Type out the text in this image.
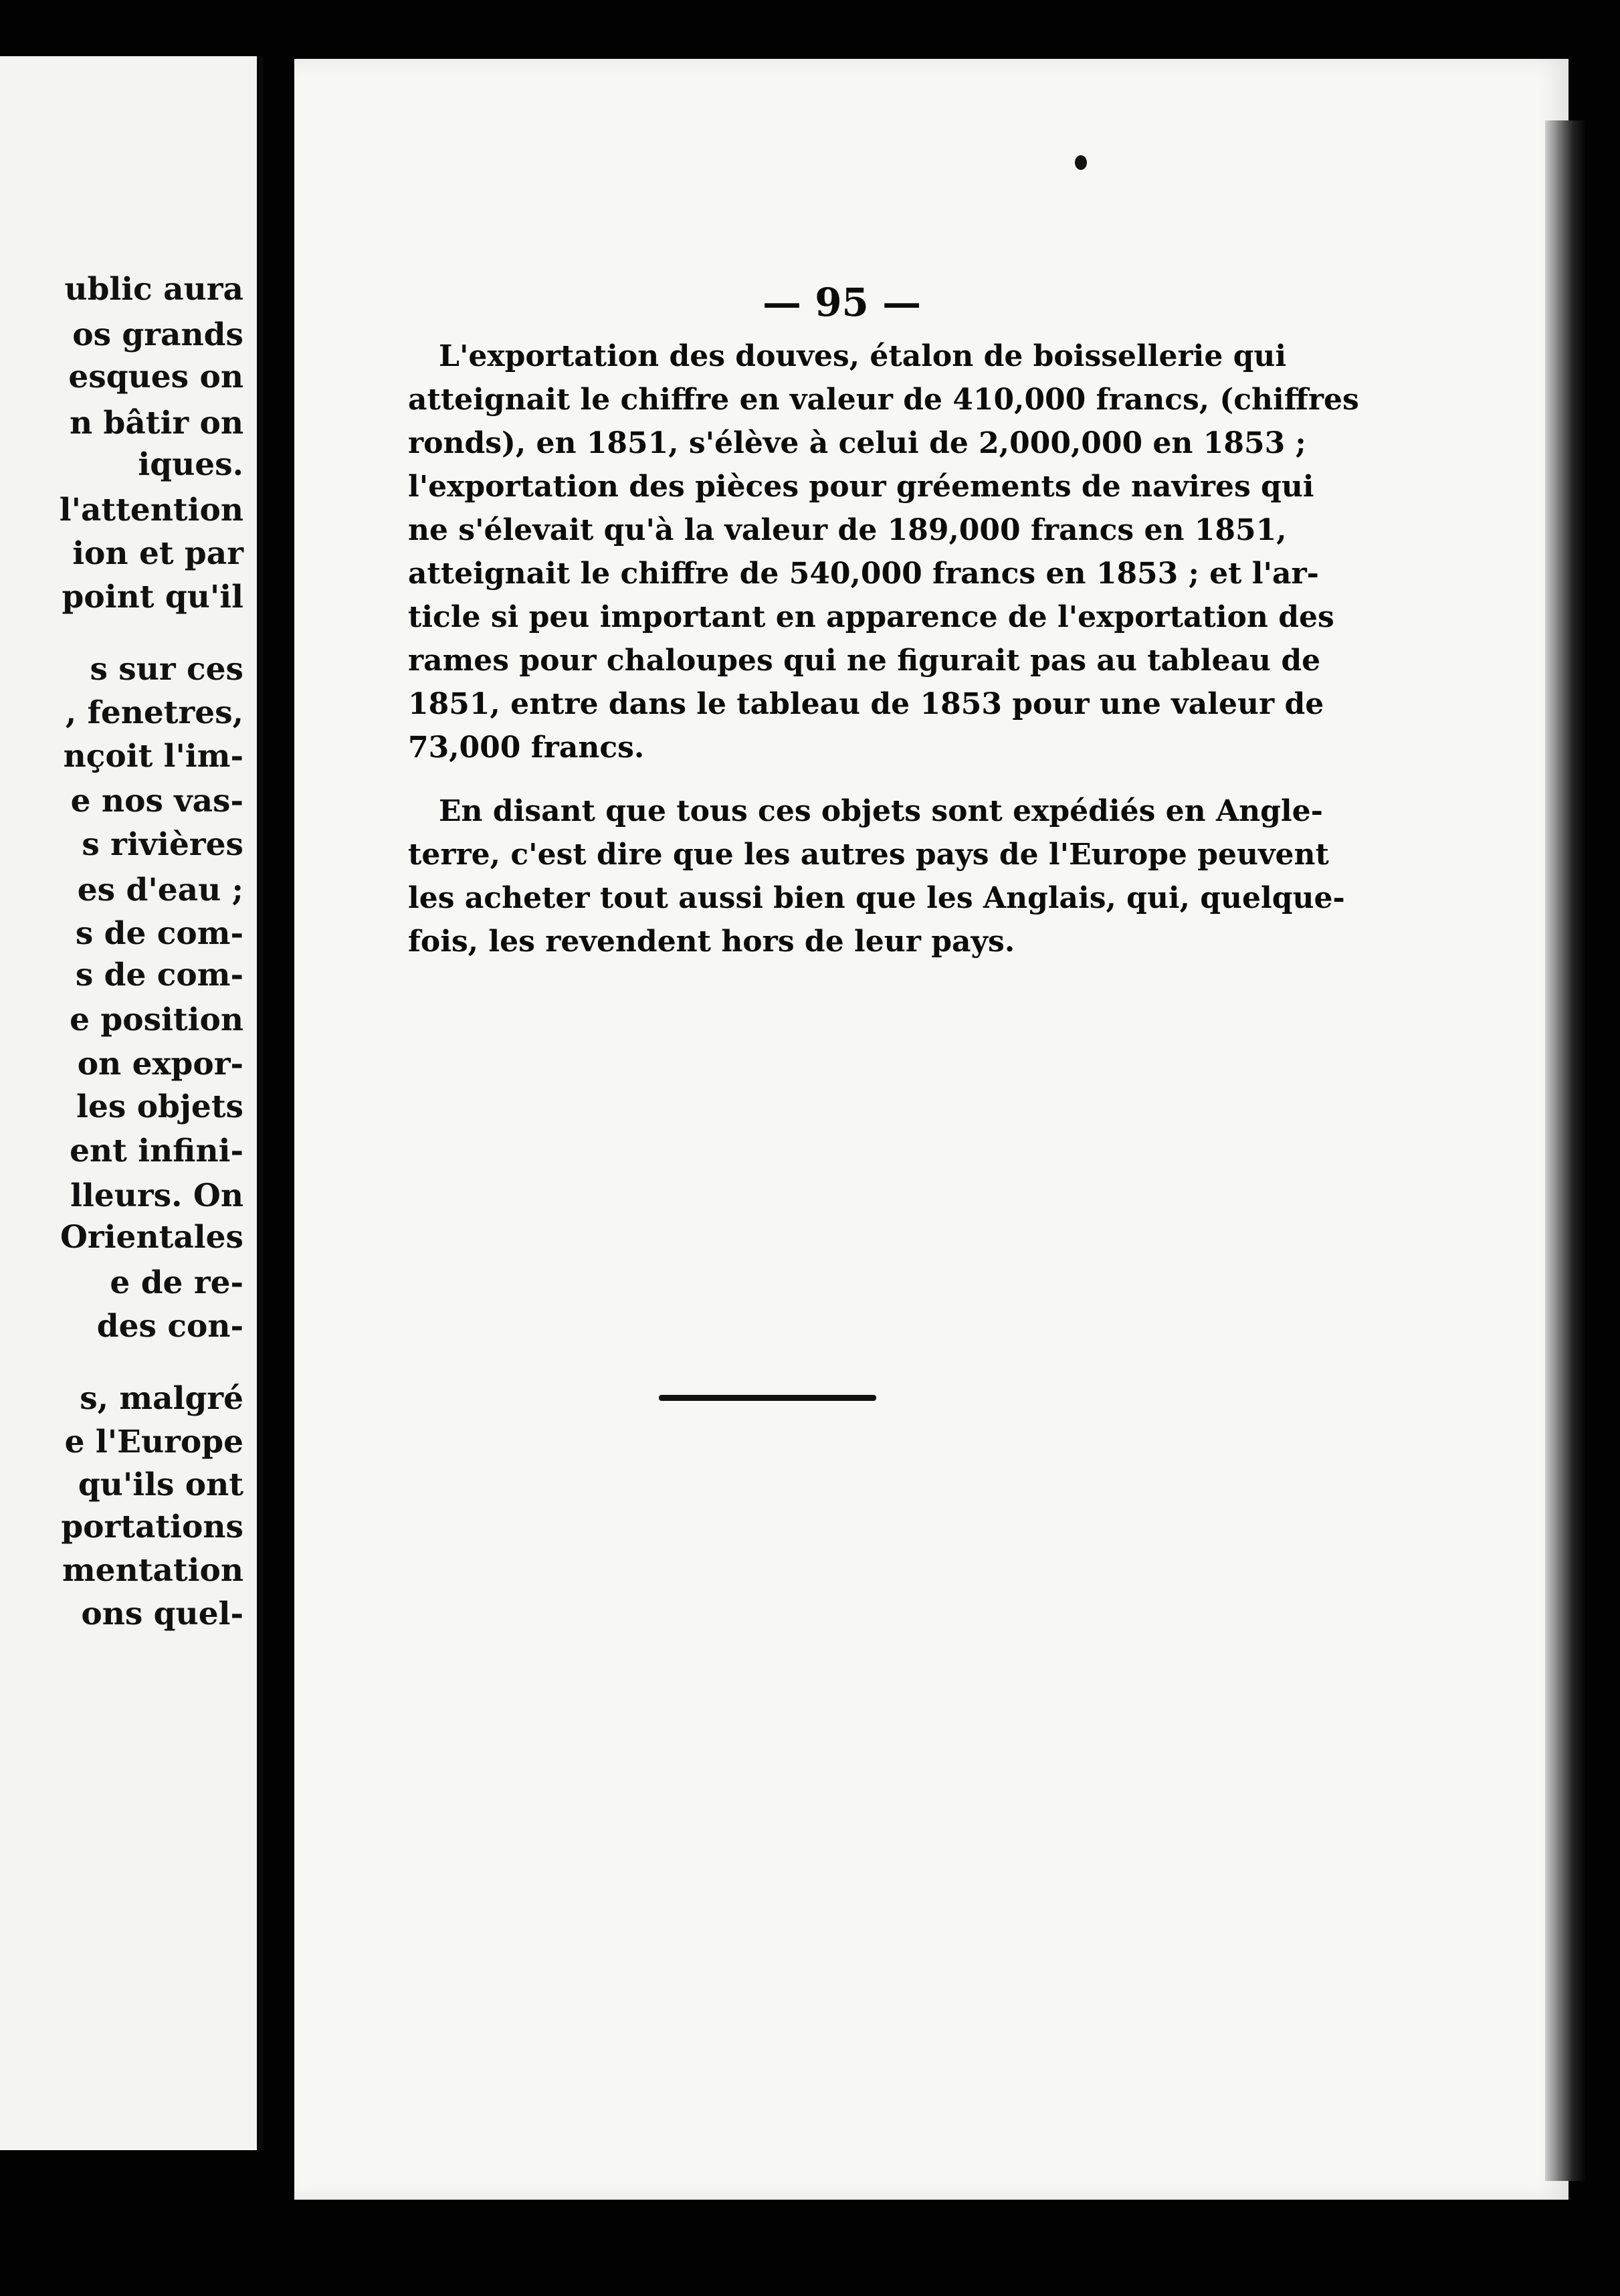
ublic aura
os grands
esques on
n bâtir on
iques.
l'attention
ion et par
point qu'il
s sur ces
, fenetres,
nçoit l'im-
e nos vas-
s rivières
es d'eau ;
s de com-
s de com-
e position
on expor-
les objets
ent infini-
lleurs. On
Orientales
e de re-
des con-
s, malgré
e l'Europe
qu'ils ont
portations
mentation
ons quel-
— 95 —
L'exportation des douves, étalon de boissellerie qui
atteignait le chiffre en valeur de 410,000 francs, (chiffres
ronds), en 1851, s'élève à celui de 2,000,000 en 1853 ;
l'exportation des pièces pour gréements de navires qui
ne s'élevait qu'à la valeur de 189,000 francs en 1851,
atteignait le chiffre de 540,000 francs en 1853 ; et l'ar-
ticle si peu important en apparence de l'exportation des
rames pour chaloupes qui ne figurait pas au tableau de
1851, entre dans le tableau de 1853 pour une valeur de
73,000 francs.
En disant que tous ces objets sont expédiés en Angle-
terre, c'est dire que les autres pays de l'Europe peuvent
les acheter tout aussi bien que les Anglais, qui, quelque-
fois, les revendent hors de leur pays.
